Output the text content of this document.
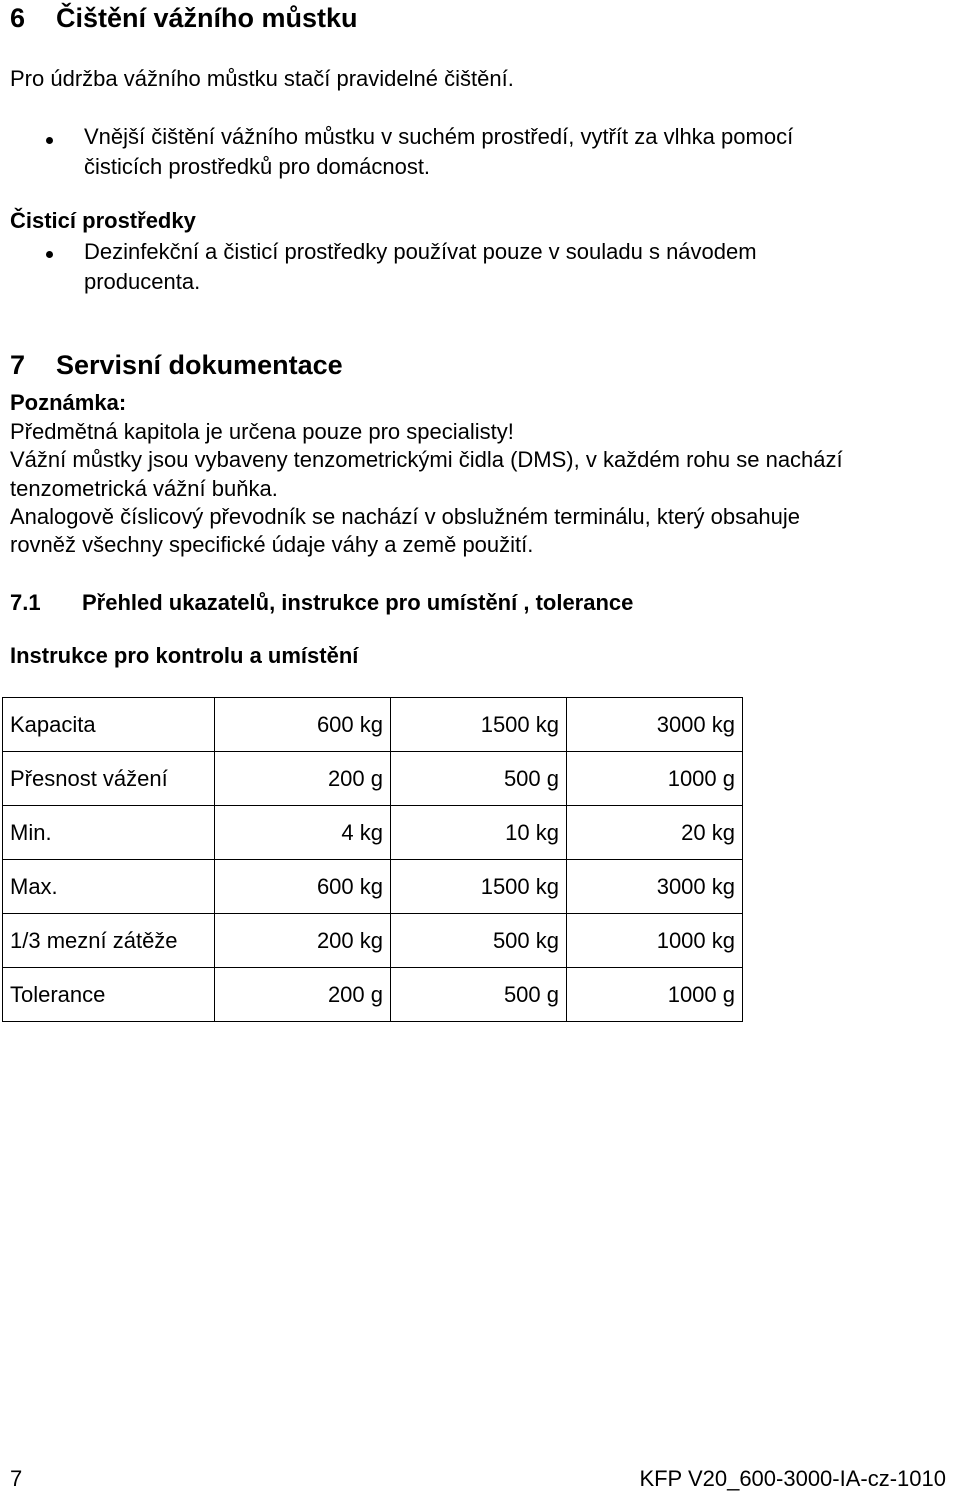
6 Čištění vážního můstku
Pro údržba vážního můstku stačí pravidelné čištění.
Vnější čištění vážního můstku v suchém prostředí, vytřít za vlhka pomocí
čisticích prostředků pro domácnost.
Čisticí prostředky
Dezinfekční a čisticí prostředky používat pouze v souladu s návodem
producenta.
7 Servisní dokumentace
Poznámka:
Předmětná kapitola je určena pouze pro specialisty!
Vážní můstky jsou vybaveny tenzometrickými čidla (DMS), v každém rohu se nachází
tenzometrická vážní buňka.
Analogově číslicový převodník se nachází v obslužném terminálu, který obsahuje
rovněž všechny specifické údaje váhy a země použití.
7.1 Přehled ukazatelů, instrukce pro umístění , tolerance
Instrukce pro kontrolu a umístění
Kapacita	600 kg	1500 kg	3000 kg
Přesnost vážení	200 g	500 g	1000 g
Min.	4 kg	10 kg	20 kg
Max.	600 kg	1500 kg	3000 kg
1/3 mezní zátěže	200 kg	500 kg	1000 kg
Tolerance	200 g	500 g	1000 g
7	KFP V20_600-3000-IA-cz-1010
